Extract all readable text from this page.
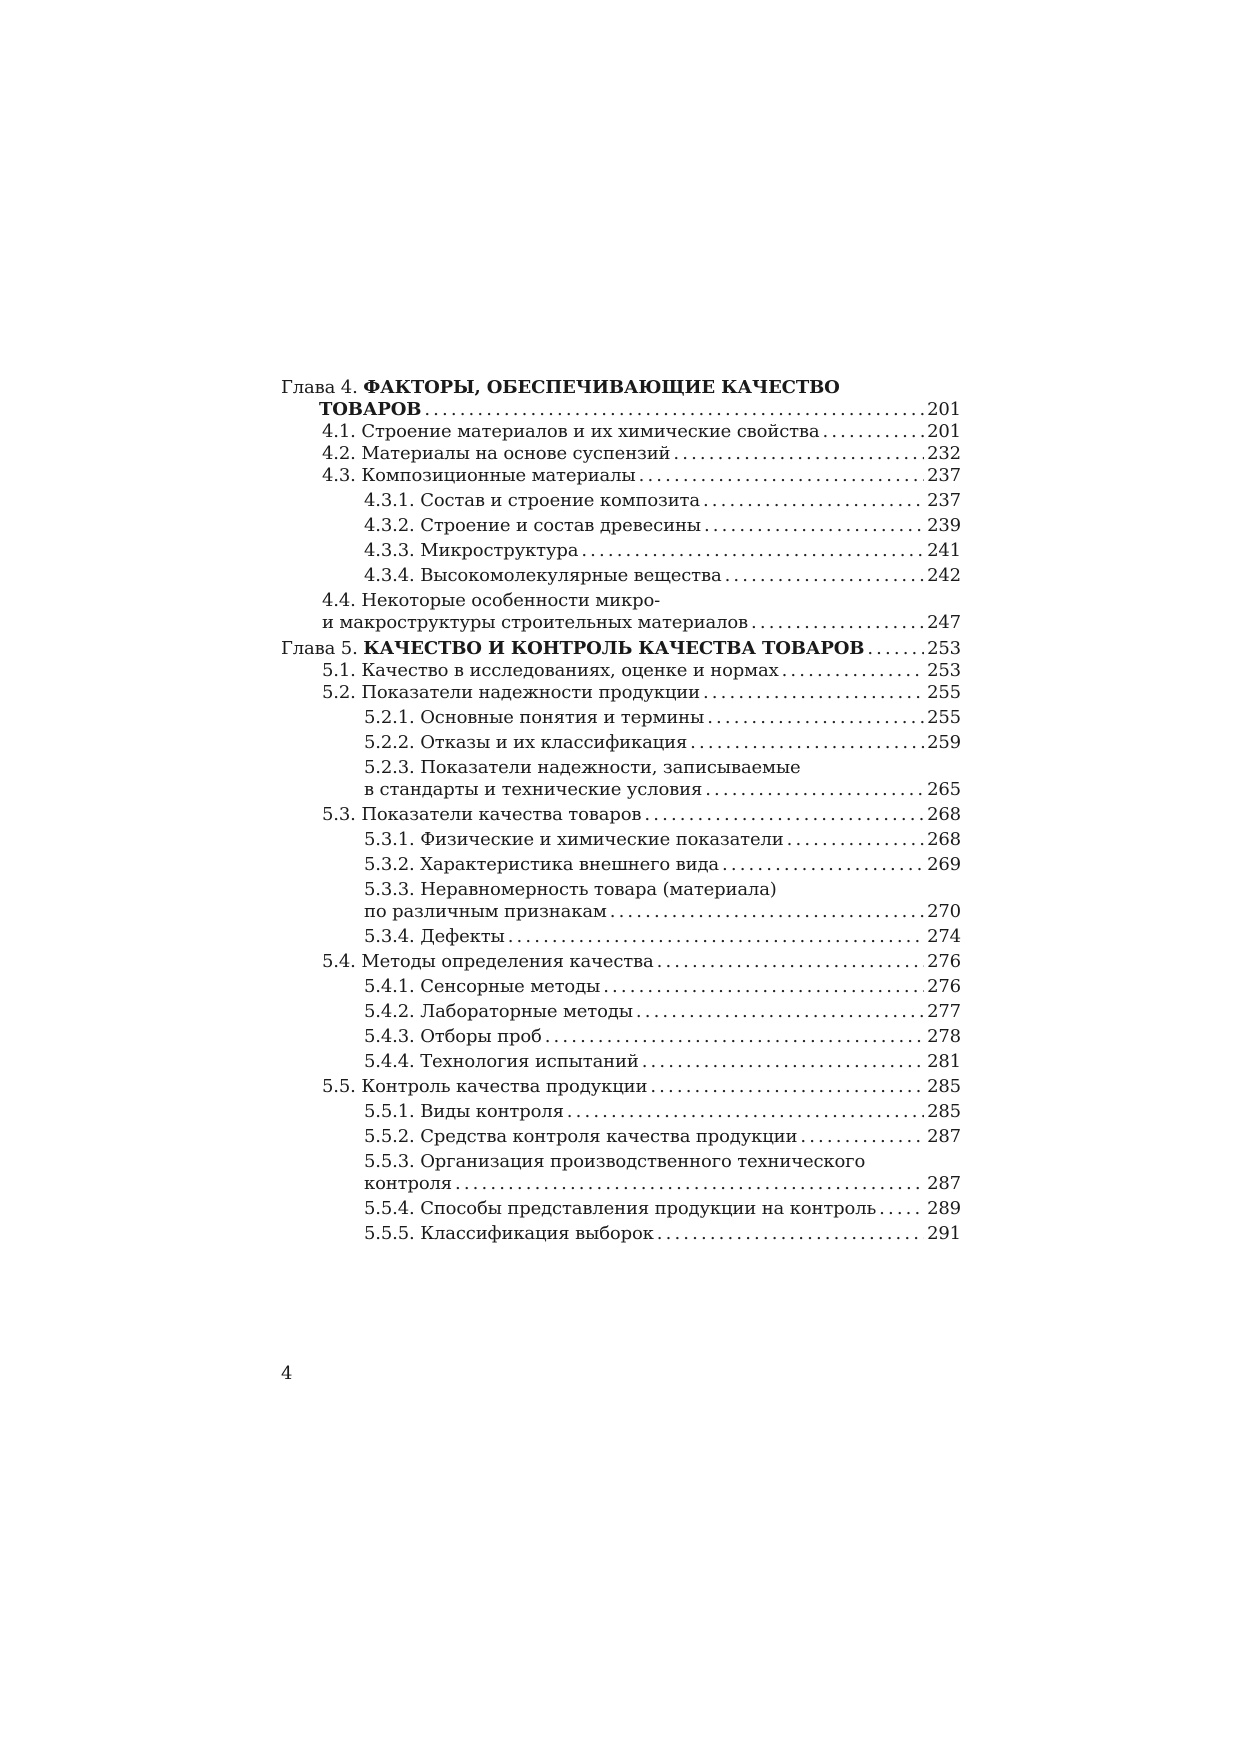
Глава 4. ФАКТОРЫ, ОБЕСПЕЧИВАЮЩИЕ КАЧЕСТВО
ТОВАРОВ . . .	201
4.1. Строение материалов и их химические свойства . . .	201
4.2. Материалы на основе суспензий . . .	232
4.3. Композиционные материалы . . .	237
4.3.1. Состав и строение композита . . .	237
4.3.2. Строение и состав древесины . . .	239
4.3.3. Микроструктура . . .	241
4.3.4. Высокомолекулярные вещества . . .	242
4.4. Некоторые особенности микро-
и макроструктуры строительных материалов . . .	247
Глава 5. КАЧЕСТВО И КОНТРОЛЬ КАЧЕСТВА ТОВАРОВ . . .	253
5.1. Качество в исследованиях, оценке и нормах . . .	253
5.2. Показатели надежности продукции . . .	255
5.2.1. Основные понятия и термины . . .	255
5.2.2. Отказы и их классификация . . .	259
5.2.3. Показатели надежности, записываемые
в стандарты и технические условия . . .	265
5.3. Показатели качества товаров . . .	268
5.3.1. Физические и химические показатели . . .	268
5.3.2. Характеристика внешнего вида . . .	269
5.3.3. Неравномерность товара (материала)
по различным признакам . . .	270
5.3.4. Дефекты . . .	274
5.4. Методы определения качества . . .	276
5.4.1. Сенсорные методы . . .	276
5.4.2. Лабораторные методы . . .	277
5.4.3. Отборы проб . . .	278
5.4.4. Технология испытаний . . .	281
5.5. Контроль качества продукции . . .	285
5.5.1. Виды контроля . . .	285
5.5.2. Средства контроля качества продукции . . .	287
5.5.3. Организация производственного технического
контроля . . .	287
5.5.4. Способы представления продукции на контроль . . .	289
5.5.5. Классификация выборок . . .	291
4
